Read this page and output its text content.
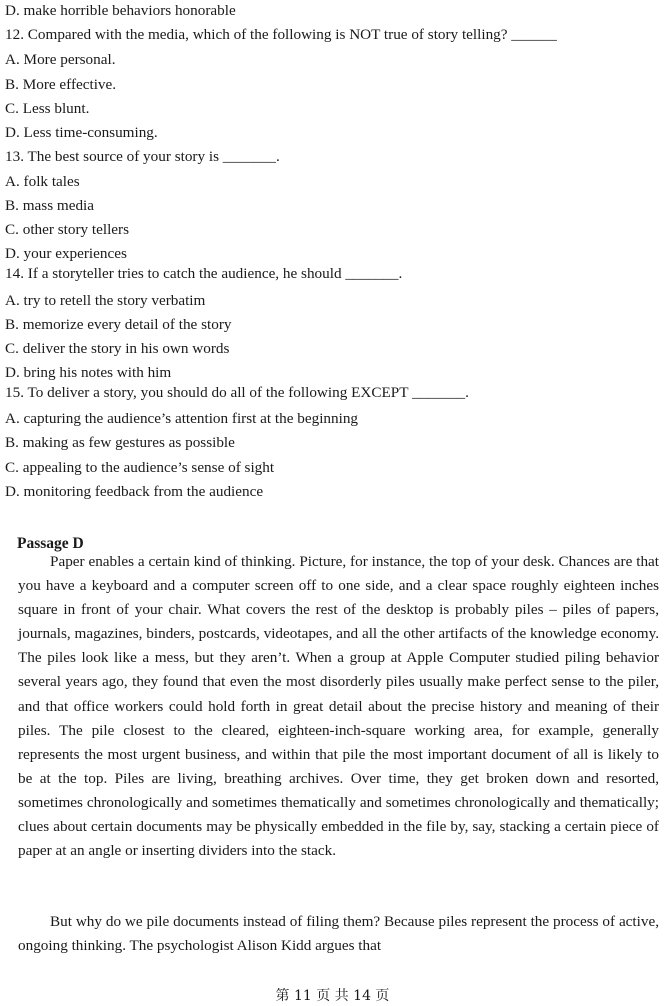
D. make horrible behaviors honorable
12. Compared with the media, which of the following is NOT true of story telling? ______
A. More personal.
B. More effective.
C. Less blunt.
D. Less time-consuming.
13. The best source of your story is _______.
A. folk tales
B. mass media
C. other story tellers
D. your experiences
14. If a storyteller tries to catch the audience, he should _______.
A. try to retell the story verbatim
B. memorize every detail of the story
C. deliver the story in his own words
D. bring his notes with him
15. To deliver a story, you should do all of the following EXCEPT _______.
A. capturing the audience’s attention first at the beginning
B. making as few gestures as possible
C. appealing to the audience’s sense of sight
D. monitoring feedback from the audience
Passage D
Paper enables a certain kind of thinking. Picture, for instance, the top of your desk. Chances are that you have a keyboard and a computer screen off to one side, and a clear space roughly eighteen inches square in front of your chair. What covers the rest of the desktop is probably piles – piles of papers, journals, magazines, binders, postcards, videotapes, and all the other artifacts of the knowledge economy. The piles look like a mess, but they aren’t. When a group at Apple Computer studied piling behavior several years ago, they found that even the most disorderly piles usually make perfect sense to the piler, and that office workers could hold forth in great detail about the precise history and meaning of their piles. The pile closest to the cleared, eighteen-inch-square working area, for example, generally represents the most urgent business, and within that pile the most important document of all is likely to be at the top. Piles are living, breathing archives. Over time, they get broken down and resorted, sometimes chronologically and sometimes thematically and sometimes chronologically and thematically; clues about certain documents may be physically embedded in the file by, say, stacking a certain piece of paper at an angle or inserting dividers into the stack.
But why do we pile documents instead of filing them? Because piles represent the process of active, ongoing thinking. The psychologist Alison Kidd argues that
第 11 页 共 14 页
